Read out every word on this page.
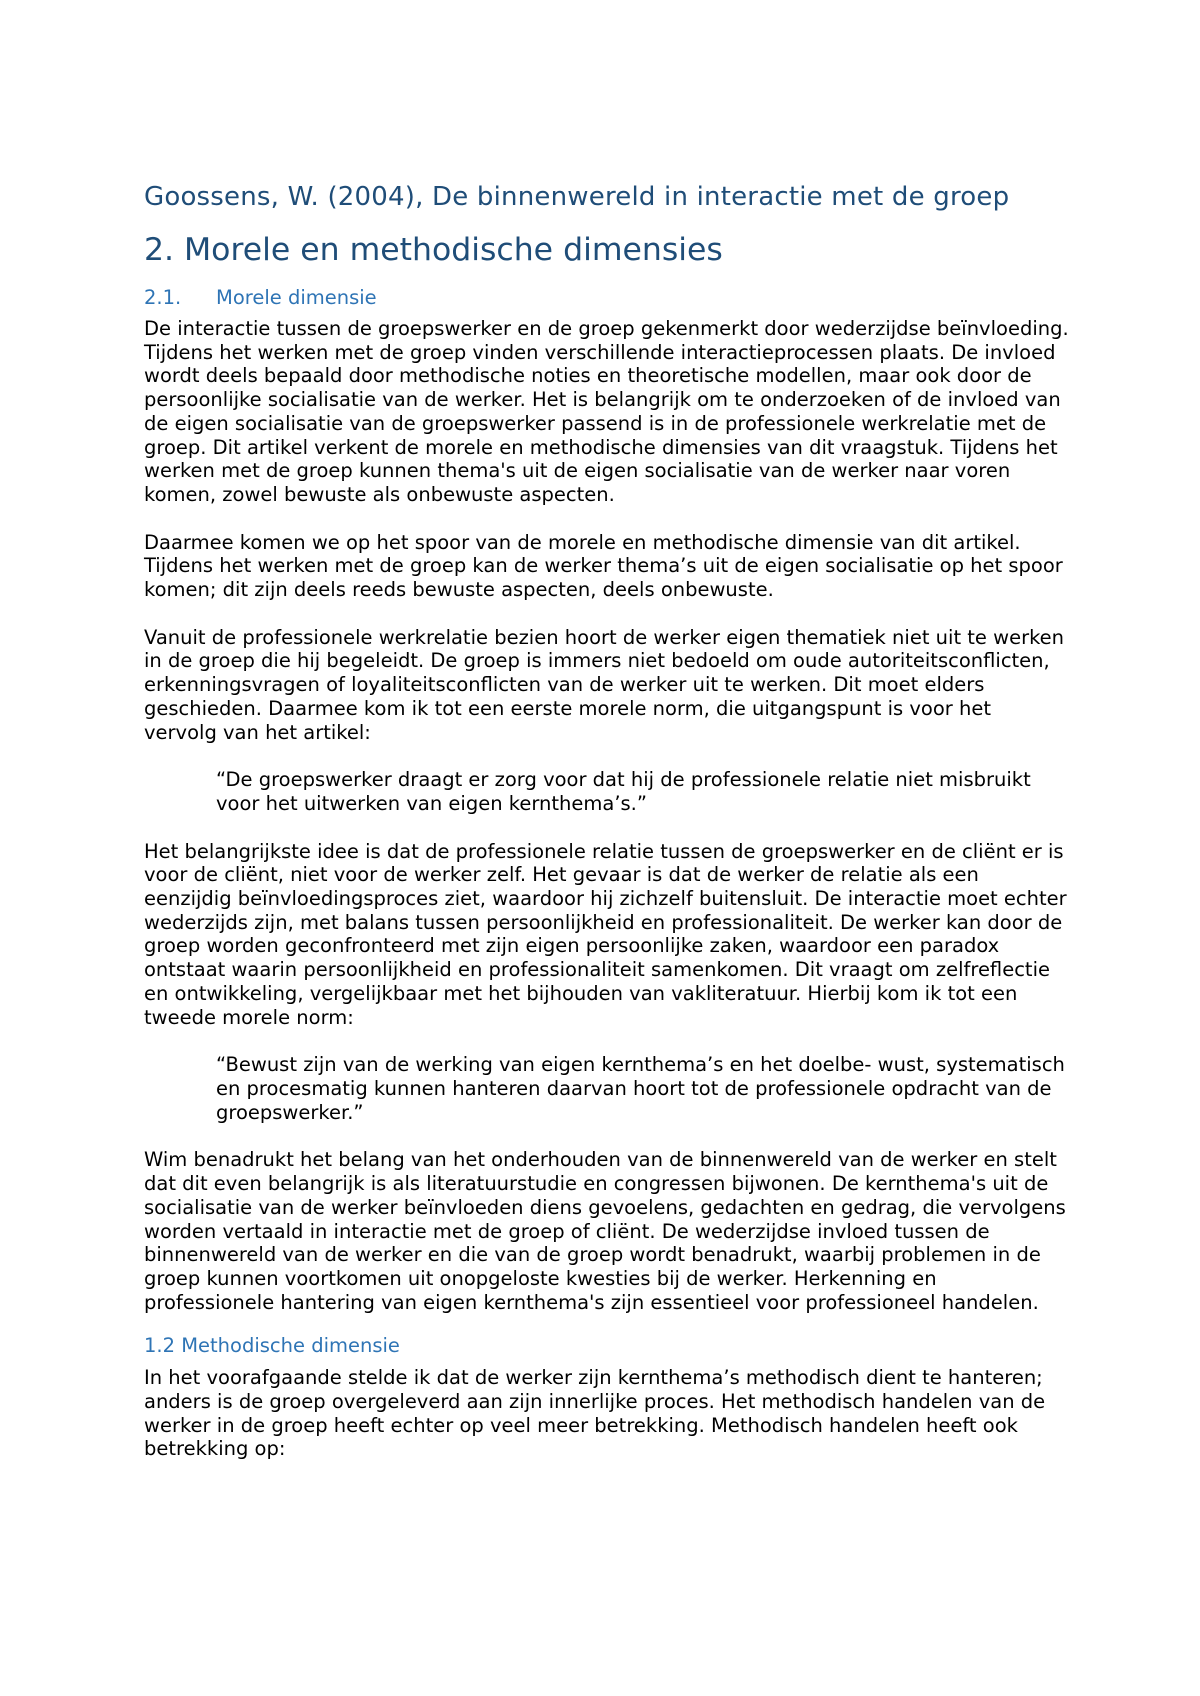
Goossens, W. (2004), De binnenwereld in interactie met de groep
2. Morele en methodische dimensies
2.1.	Morele dimensie

De interactie tussen de groepswerker en de groep gekenmerkt door wederzijdse beïnvloeding. Tijdens het werken met de groep vinden verschillende interactieprocessen plaats. De invloed wordt deels bepaald door methodische noties en theoretische modellen, maar ook door de persoonlijke socialisatie van de werker. Het is belangrijk om te onderzoeken of de invloed van de eigen socialisatie van de groepswerker passend is in de professionele werkrelatie met de groep. Dit artikel verkent de morele en methodische dimensies van dit vraagstuk. Tijdens het werken met de groep kunnen thema's uit de eigen socialisatie van de werker naar voren komen, zowel bewuste als onbewuste aspecten.

Daarmee komen we op het spoor van de morele en methodische dimensie van dit artikel. Tijdens het werken met de groep kan de werker thema’s uit de eigen socialisatie op het spoor komen; dit zijn deels reeds bewuste aspecten, deels onbewuste.

Vanuit de professionele werkrelatie bezien hoort de werker eigen thematiek niet uit te werken in de groep die hij begeleidt. De groep is immers niet bedoeld om oude autoriteitsconflicten, erkenningsvragen of loyaliteitsconflicten van de werker uit te werken. Dit moet elders geschieden. Daarmee kom ik tot een eerste morele norm, die uitgangspunt is voor het vervolg van het artikel:

“De groepswerker draagt er zorg voor dat hij de professionele relatie niet misbruikt voor het uitwerken van eigen kernthema’s.”

Het belangrijkste idee is dat de professionele relatie tussen de groepswerker en de cliënt er is voor de cliënt, niet voor de werker zelf. Het gevaar is dat de werker de relatie als een eenzijdig beïnvloedingsproces ziet, waardoor hij zichzelf buitensluit. De interactie moet echter wederzijds zijn, met balans tussen persoonlijkheid en professionaliteit. De werker kan door de groep worden geconfronteerd met zijn eigen persoonlijke zaken, waardoor een paradox ontstaat waarin persoonlijkheid en professionaliteit samenkomen. Dit vraagt om zelfreflectie en ontwikkeling, vergelijkbaar met het bijhouden van vakliteratuur. Hierbij kom ik tot een tweede morele norm:

“Bewust zijn van de werking van eigen kernthema’s en het doelbe- wust, systematisch en procesmatig kunnen hanteren daarvan hoort tot de professionele opdracht van de groepswerker.”

Wim benadrukt het belang van het onderhouden van de binnenwereld van de werker en stelt dat dit even belangrijk is als literatuurstudie en congressen bijwonen. De kernthema's uit de socialisatie van de werker beïnvloeden diens gevoelens, gedachten en gedrag, die vervolgens worden vertaald in interactie met de groep of cliënt. De wederzijdse invloed tussen de binnenwereld van de werker en die van de groep wordt benadrukt, waarbij problemen in de groep kunnen voortkomen uit onopgeloste kwesties bij de werker. Herkenning en professionele hantering van eigen kernthema's zijn essentieel voor professioneel handelen.

1.2 Methodische dimensie

In het voorafgaande stelde ik dat de werker zijn kernthema’s methodisch dient te hanteren; anders is de groep overgeleverd aan zijn innerlijke proces. Het methodisch handelen van de werker in de groep heeft echter op veel meer betrekking. Methodisch handelen heeft ook betrekking op:
